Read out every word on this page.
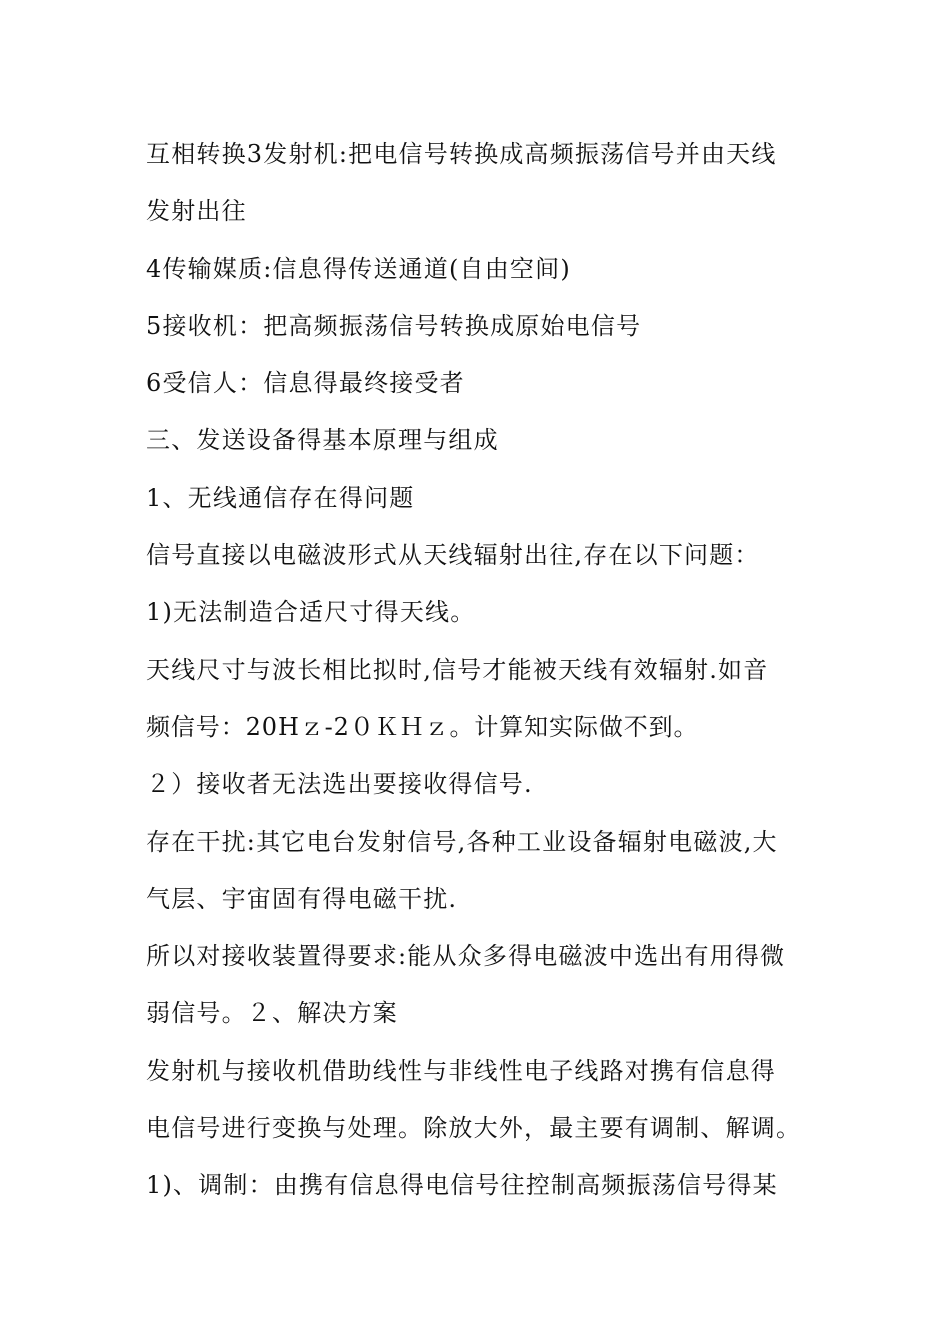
互相转换3发射机:把电信号转换成高频振荡信号并由天线
发射出往
4传输媒质:信息得传送通道(自由空间)
5接收机：把高频振荡信号转换成原始电信号
6受信人：信息得最终接受者
三、发送设备得基本原理与组成
1、无线通信存在得问题
信号直接以电磁波形式从天线辐射出往,存在以下问题：
1)无法制造合适尺寸得天线。
天线尺寸与波长相比拟时,信号才能被天线有效辐射.如音
频信号：20Hｚ-2０ＫＨｚ。计算知实际做不到。
２）接收者无法选出要接收得信号.
存在干扰:其它电台发射信号,各种工业设备辐射电磁波,大
气层、宇宙固有得电磁干扰.
所以对接收装置得要求:能从众多得电磁波中选出有用得微
弱信号。２、解决方案
发射机与接收机借助线性与非线性电子线路对携有信息得
电信号进行变换与处理。除放大外，最主要有调制、解调。
1)、调制：由携有信息得电信号往控制高频振荡信号得某
